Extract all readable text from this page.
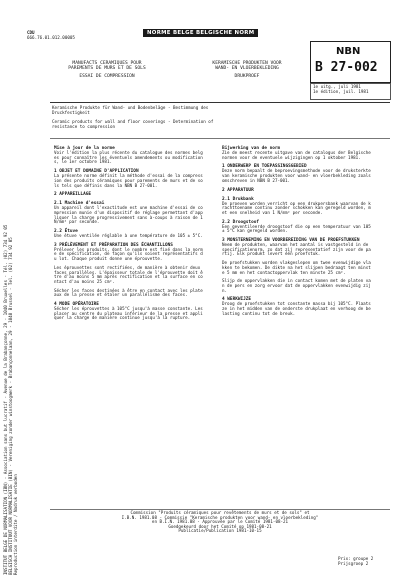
INSTITUT BELGE DE NORMALISATION (IBN) - Association sans but lucratif - Avenue de la Brabançonne, 29 - 1040 Bruxelles - Tél. (02) 734 92 05 BELGISCH INSTITUUT VOOR NORMALISATIE (BIN) - Vereniging zonder winstoogmerk - Brabançonnelaan, 29 - 1040 Brussel - Tel. (02) 734 92 05 Reproduction interdite / Nadruk verboden
CDU
666.76.01.012.00005
NORME BELGE BELGISCHE NORM
NBN
B 27-002
1e uitg., juli 1981
1e édition, juil. 1981
MANUFACTS CERAMIQUES POUR
PAREMENTS DE MURS ET DE SOLS
ESSAI DE COMPRESSION
KERAMISCHE PRODUKTEN VOOR
WAND- EN VLOERBEKLEDING
DRUKPROEF
Keramische Produkte für Wand- und Bodenbeläge - Bestimmung des
Druckfestigkeit
Ceramic products for wall and floor coverings - Determination of
resistance to compression
Mise à jour de la norme

Voir l'édition la plus récente du catalogue des normes belges pour connaître les éventuels amendements ou modifications, le 1er octobre 1981.

1 OBJET ET DOMAINE D'APPLICATION

La présente norme définit la méthode d'essai de la compression des produits céramiques pour parements de murs et de sols tels que définis dans la NBN B 27-001.

2 APPAREILLAGE
2.1 Machine d'essai

Un appareil dont l'exactitude est une machine d'essai de compression munie d'un dispositif de réglage permettant d'appliquer la charge progressivement sans à-coups à raison de 1 N/mm² par seconde.

2.2 Étuve

Une étuve ventilée réglable à une température de 105 ± 5°C.

3 PRÉLÈVEMENT ET PRÉPARATION DES ÉCHANTILLONS

Prélever les produits, dont le nombre est fixé dans la norme de spécification, de façon qu'ils soient représentatifs du lot. Chaque produit donne une éprouvette.

Les éprouvettes sont rectifiées, de manière à obtenir deux faces parallèles. L'épaisseur totale de l'éprouvette doit être d'au moins 5 mm après rectification et la surface en contact d'au moins 25 cm².

Sécher les faces destinées à être en contact avec les plateaux de la presse et étaler un parallélisme des faces.

4 MODE OPÉRATOIRE

Sécher les éprouvettes à 105°C jusqu'à masse constante. Les placer au centre du plateau inférieur de la presse et appliquer la charge de manière continue jusqu'à la rupture.

Bijwerking van de norm

Zie de meest recente uitgave van de catalogus der Belgische normen voor de eventuele wijzigingen op 1 oktober 1981.

1 ONDERWERP EN TOEPASSINGSGEBIED

Deze norm bepaalt de beproevingsmethode voor de druksterkte van keramische produkten voor wand- en vloerbekleding zoals omschreven in NBN B 27-001.

2 APPARATUUR
2.1 Drukbank

De proeven worden verricht op een drukpersbank waarvan de krachttoename continu zonder schokken kan geregeld worden, met een snelheid van 1 N/mm² per seconde.

2.2 Droogstoof

Een geventileerde droogstoof die op een temperatuur van 105 ± 5°C kan geregeld worden.

3 MONSTERNEMING EN VOORBEREIDING VAN DE PROEFSTUKKEN

Neem de produkten, waarvan het aantal is vastgesteld in de specificatienorm, zo dat zij representatief zijn voor de partij. Elk produkt levert één proefstuk.

De proefstukken worden vlakgeslepen om twee evenwijdige vlakken te bekomen. De dikte na het slijpen bedraagt ten minste 5 mm en het contactoppervlak ten minste 25 cm².

Slijp de oppervlakken die in contact komen met de platen van de pers en zorg ervoor dat de oppervlakken evenwijdig zijn.

4 WERKWIJZE

Droog de proefstukken tot constante massa bij 105°C. Plaats ze in het midden van de onderste drukplaat en verhoog de belasting continu tot de breuk.

Commission "Produits céramiques pour revêtements de murs et de sols" et
I.B.N. 1981.08 - Commissie "Keramische produkten voor wand- en vloerbekleding"
en B.I.N. 1981.08 - Approuvée par le Comité 1981-08-21
Goedgekeurd door het Comité op 1981-08-21
Publicatie/Publication 1981-10-15
Prix: groupe 2
Prijsgroep 2
